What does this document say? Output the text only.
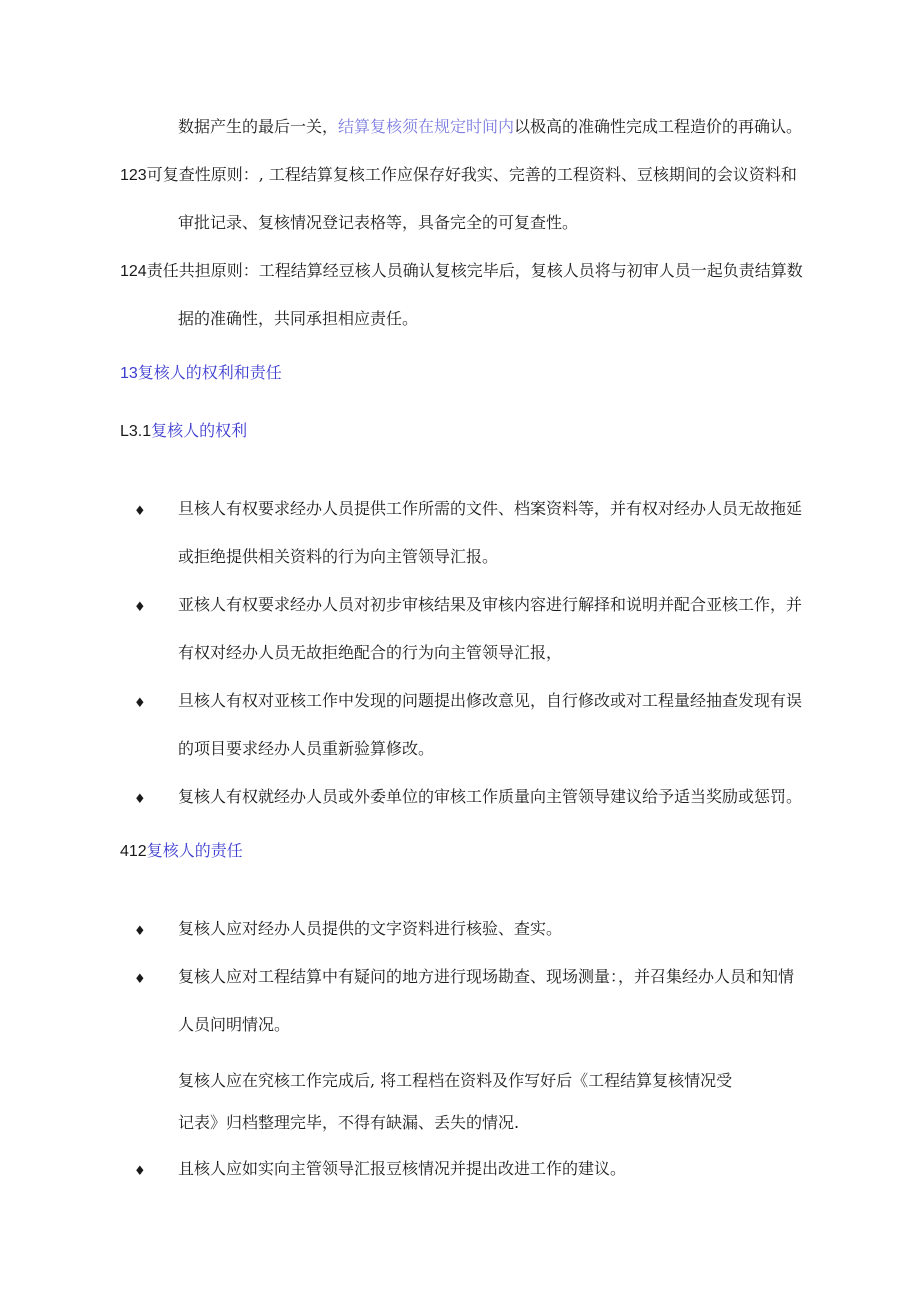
数据产生的最后一关，结算复核须在规定时间内以极高的准确性完成工程造价的再确认。
123可复查性原则：, 工程结算复核工作应保存好我实、完善的工程资料、豆核期间的会议资料和
审批记录、复核情况登记表格等，具备完全的可复查性。
124责任共担原则：工程结算经豆核人员确认复核完毕后，复核人员将与初审人员一起负责结算数
据的准确性，共同承担相应责任。
13复核人的权利和责任
L3.1复核人的权利
♦ 旦核人有权要求经办人员提供工作所需的文件、档案资料等，并有权对经办人员无故拖延
或拒绝提供相关资料的行为向主管领导汇报。
♦ 亚核人有权要求经办人员对初步审核结果及审核内容进行解择和说明并配合亚核工作，并
有权对经办人员无故拒绝配合的行为向主管领导汇报，
♦ 旦核人有权对亚核工作中发现的问题提出修改意见，自行修改或对工程量经抽查发现有误
的项目要求经办人员重新验算修改。
♦ 复核人有权就经办人员或外委单位的审核工作质量向主管领导建议给予适当奖励或惩罚。
412复核人的责任
♦ 复核人应对经办人员提供的文字资料进行核验、查实。
♦ 复核人应对工程结算中有疑问的地方进行现场勘查、现场测量：，并召集经办人员和知情
人员问明情况。
复核人应在究核工作完成后, 将工程档在资料及作写好后《工程结算复核情况受
记表》归档整理完毕，不得有缺漏、丢失的情况.
♦ 且核人应如实向主管领导汇报豆核情况并提出改进工作的建议。
